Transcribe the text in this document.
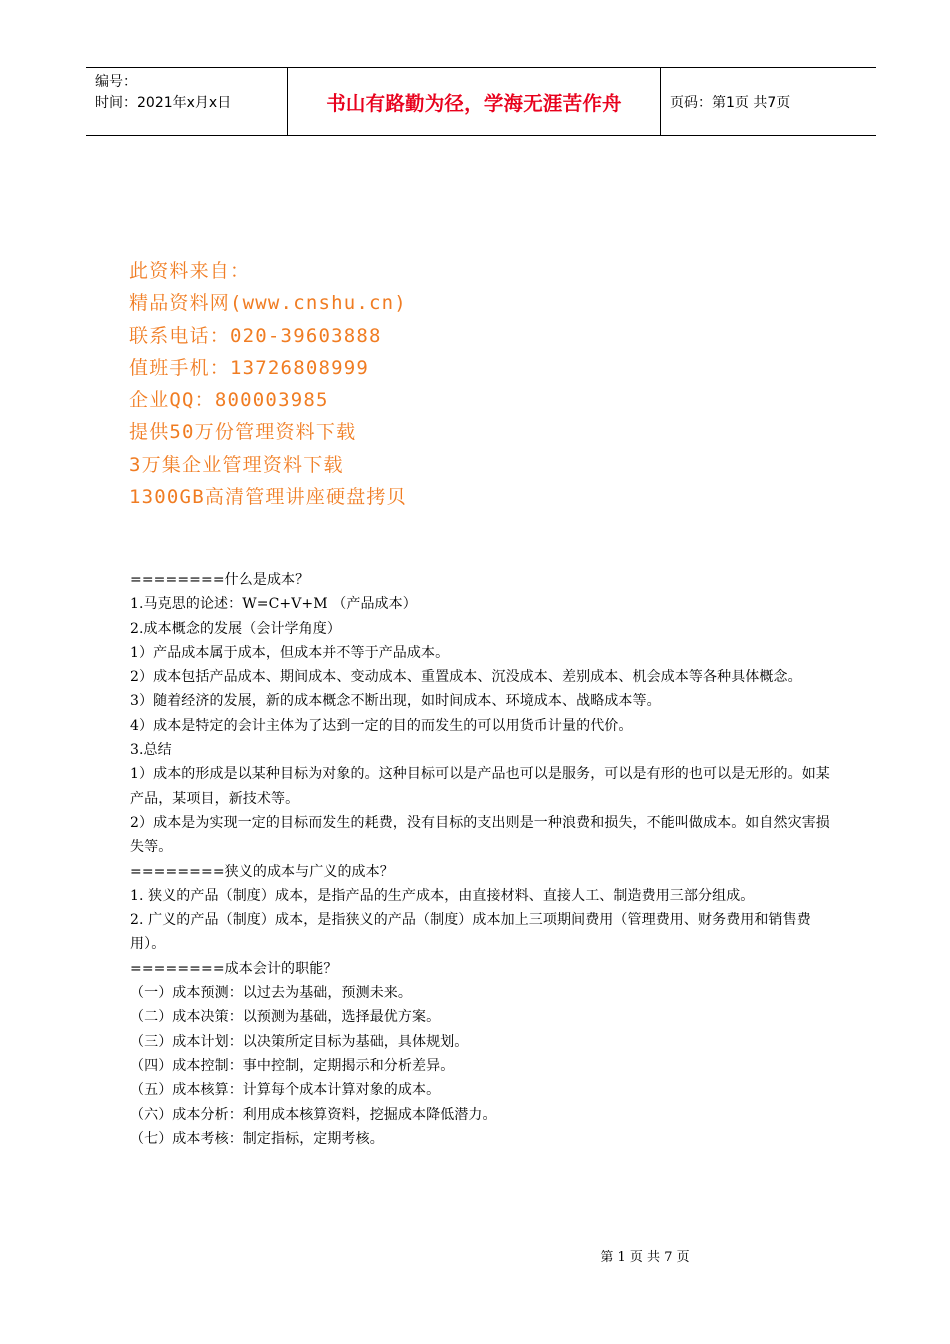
编号：
时间：2021年x月x日	书山有路勤为径，学海无涯苦作舟	页码：第1页 共7页
此资料来自：
精品资料网(www.cnshu.cn)
联系电话：020-39603888
值班手机：13726808999
企业QQ：800003985
提供50万份管理资料下载
3万集企业管理资料下载
1300GB高清管理讲座硬盘拷贝

========什么是成本？

1.马克思的论述：W=C+V+M （产品成本）

2.成本概念的发展（会计学角度）

1）产品成本属于成本，但成本并不等于产品成本。

2）成本包括产品成本、期间成本、变动成本、重置成本、沉没成本、差别成本、机会成本等各种具体概念。

3）随着经济的发展，新的成本概念不断出现，如时间成本、环境成本、战略成本等。

4）成本是特定的会计主体为了达到一定的目的而发生的可以用货币计量的代价。

3.总结

1）成本的形成是以某种目标为对象的。这种目标可以是产品也可以是服务，可以是有形的也可以是无形的。如某产品，某项目，新技术等。

2）成本是为实现一定的目标而发生的耗费，没有目标的支出则是一种浪费和损失，不能叫做成本。如自然灾害损失等。

========狭义的成本与广义的成本？

1. 狭义的产品（制度）成本，是指产品的生产成本，由直接材料、直接人工、制造费用三部分组成。

2. 广义的产品（制度）成本，是指狭义的产品（制度）成本加上三项期间费用（管理费用、财务费用和销售费用）。

========成本会计的职能？

（一）成本预测：以过去为基础，预测未来。

（二）成本决策：以预测为基础，选择最优方案。

（三）成本计划：以决策所定目标为基础，具体规划。

（四）成本控制：事中控制，定期揭示和分析差异。

（五）成本核算：计算每个成本计算对象的成本。

（六）成本分析：利用成本核算资料，挖掘成本降低潜力。

（七）成本考核：制定指标，定期考核。

第 1 页 共 7 页
